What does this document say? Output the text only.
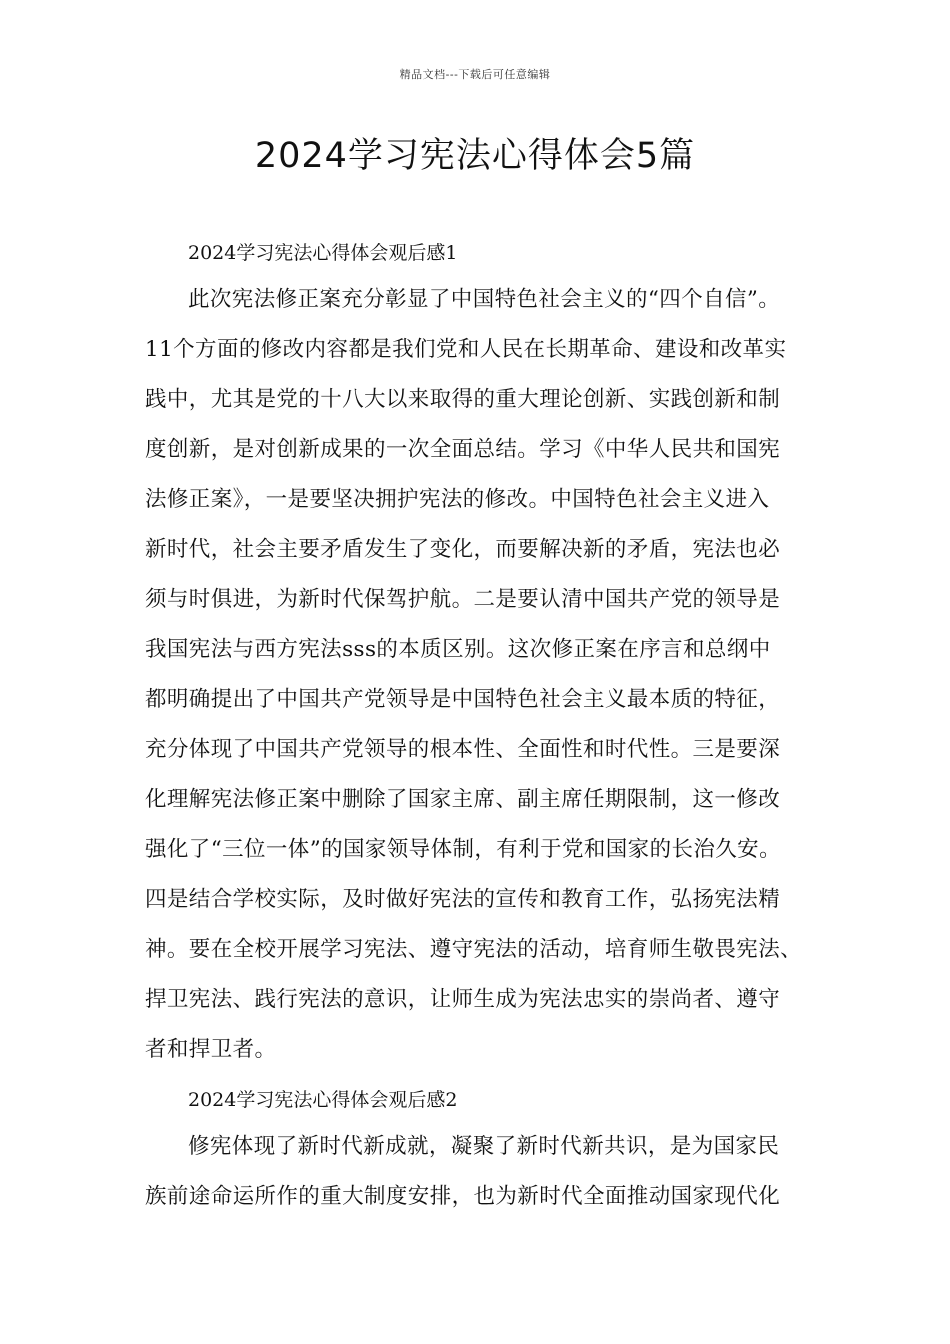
精品文档---下载后可任意编辑
2024学习宪法心得体会5篇
2024学习宪法心得体会观后感1

此次宪法修正案充分彰显了中国特色社会主义的“四个自信”。

11个方面的修改内容都是我们党和人民在长期革命、建设和改革实

践中，尤其是党的十八大以来取得的重大理论创新、实践创新和制

度创新，是对创新成果的一次全面总结。学习《中华人民共和国宪

法修正案》，一是要坚决拥护宪法的修改。中国特色社会主义进入

新时代，社会主要矛盾发生了变化，而要解决新的矛盾，宪法也必

须与时俱进，为新时代保驾护航。二是要认清中国共产党的领导是

我国宪法与西方宪法sss的本质区别。这次修正案在序言和总纲中

都明确提出了中国共产党领导是中国特色社会主义最本质的特征，

充分体现了中国共产党领导的根本性、全面性和时代性。三是要深

化理解宪法修正案中删除了国家主席、副主席任期限制，这一修改

强化了“三位一体”的国家领导体制，有利于党和国家的长治久安。

四是结合学校实际，及时做好宪法的宣传和教育工作，弘扬宪法精

神。要在全校开展学习宪法、遵守宪法的活动，培育师生敬畏宪法、

捍卫宪法、践行宪法的意识，让师生成为宪法忠实的崇尚者、遵守

者和捍卫者。

2024学习宪法心得体会观后感2

修宪体现了新时代新成就，凝聚了新时代新共识，是为国家民

族前途命运所作的重大制度安排，也为新时代全面推动国家现代化
